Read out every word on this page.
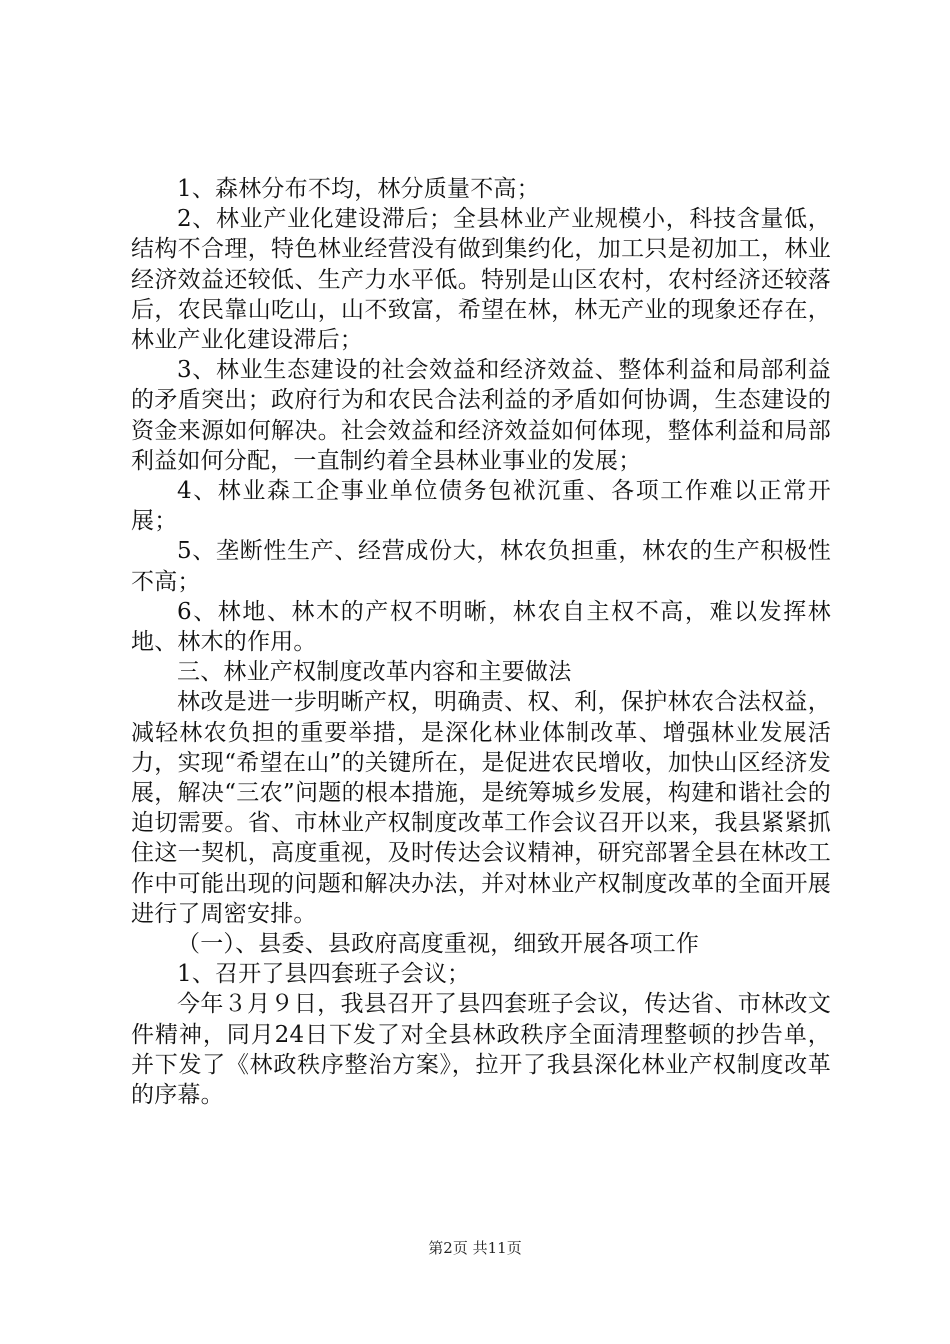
1、森林分布不均，林分质量不高；

2、林业产业化建设滞后；全县林业产业规模小，科技含量低，结构不合理，特色林业经营没有做到集约化，加工只是初加工，林业经济效益还较低、生产力水平低。特别是山区农村，农村经济还较落后，农民靠山吃山，山不致富，希望在林，林无产业的现象还存在，林业产业化建设滞后；

3、林业生态建设的社会效益和经济效益、整体利益和局部利益的矛盾突出；政府行为和农民合法利益的矛盾如何协调，生态建设的资金来源如何解决。社会效益和经济效益如何体现，整体利益和局部利益如何分配，一直制约着全县林业事业的发展；

4、林业森工企事业单位债务包袱沉重、各项工作难以正常开展；

5、垄断性生产、经营成份大，林农负担重，林农的生产积极性不高；

6、林地、林木的产权不明晰，林农自主权不高，难以发挥林地、林木的作用。

三、林业产权制度改革内容和主要做法

林改是进一步明晰产权，明确责、权、利，保护林农合法权益，减轻林农负担的重要举措，是深化林业体制改革、增强林业发展活力，实现“希望在山”的关键所在，是促进农民增收，加快山区经济发展，解决“三农”问题的根本措施，是统筹城乡发展，构建和谐社会的迫切需要。省、市林业产权制度改革工作会议召开以来，我县紧紧抓住这一契机，高度重视，及时传达会议精神，研究部署全县在林改工作中可能出现的问题和解决办法，并对林业产权制度改革的全面开展进行了周密安排。

（一）、县委、县政府高度重视，细致开展各项工作

1、召开了县四套班子会议；

今年３月９日，我县召开了县四套班子会议，传达省、市林改文件精神，同月24日下发了对全县林政秩序全面清理整顿的抄告单，并下发了《林政秩序整治方案》，拉开了我县深化林业产权制度改革的序幕。

第2页 共11页
